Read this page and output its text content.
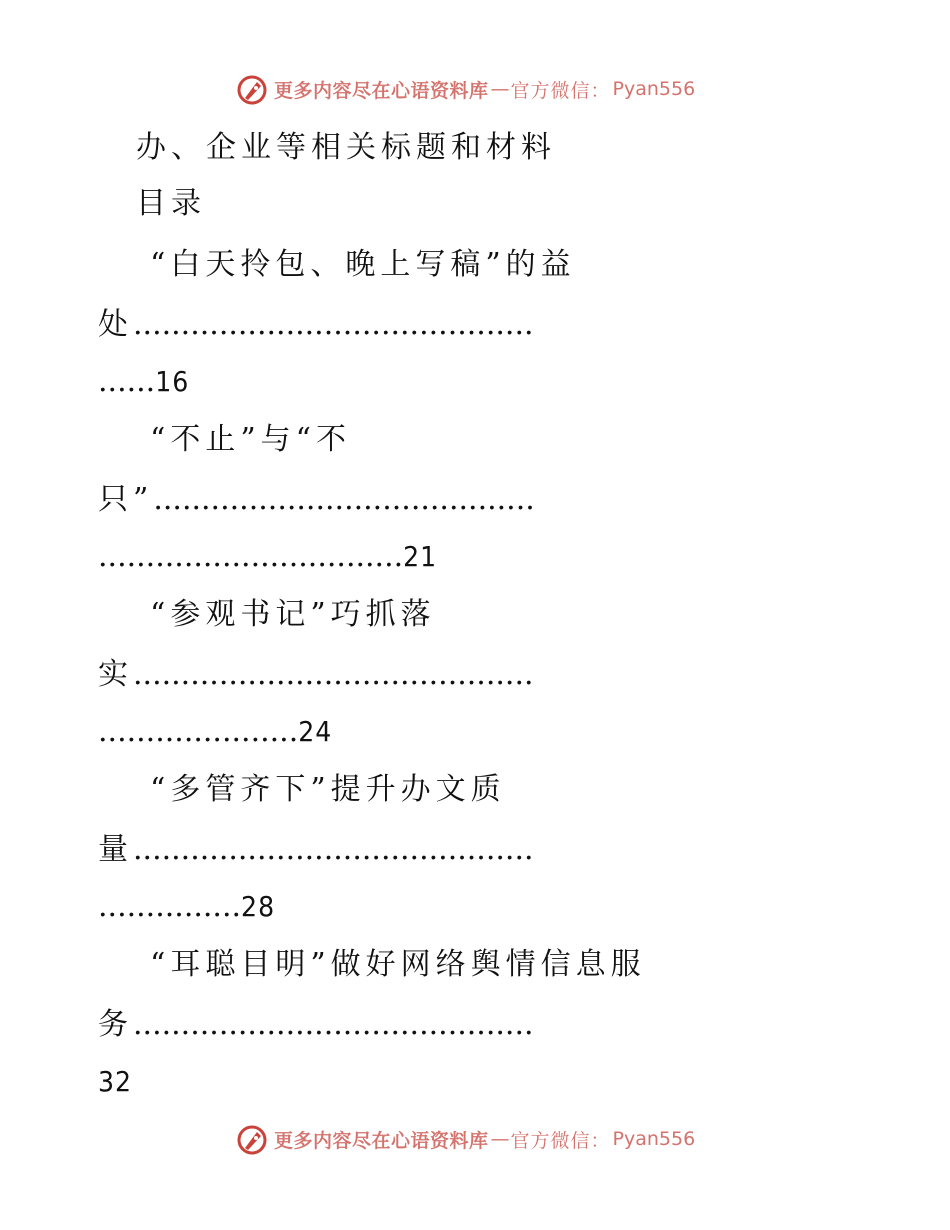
更多内容尽在心语资料库 — 官方微信： Pyan556
办、企业等相关标题和材料
目录
“白天拎包、晚上写稿”的益
处..........................................
......16
“不止”与“不
只”........................................
................................21
“参观书记”巧抓落
实..........................................
.....................24
“多管齐下”提升办文质
量..........................................
...............28
“耳聪目明”做好网络舆情信息服
务..........................................
32
更多内容尽在心语资料库 — 官方微信： Pyan556
